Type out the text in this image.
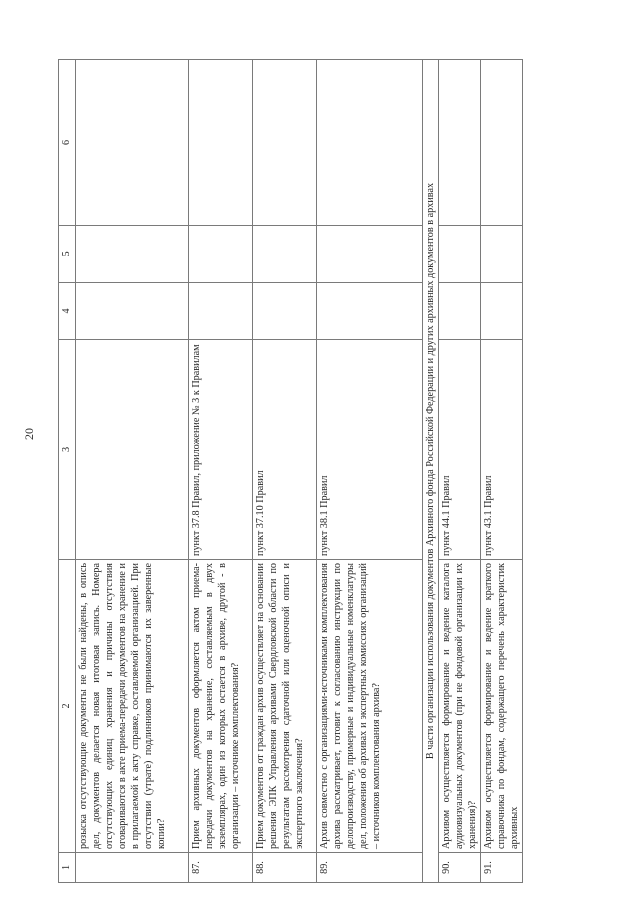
20
1	2	3	4	5	6
	розыска отсутствующие документы не были найдены, в опись дел, документов делается новая итоговая запись. Номера отсутствующих единиц хранения и причины отсутствия оговариваются в акте приема-передачи документов на хранение и в прилагаемой к акту справке, составляемой организацией. При отсутствии (утрате) подлинников принимаются их заверенные копии?				
87.	Прием архивных документов оформляется актом приема-передачи документов на хранение, составляемым в двух экземплярах, один из которых остается в архиве, другой - в организации – источнике комплектования?	пункт 37.8 Правил, приложение № 3 к Правилам			
88.	Прием документов от граждан архив осуществляет на основании решения ЭПК Управления архивами Свердловской области по результатам рассмотрения сдаточной или оценочной описи и экспертного заключения?	пункт 37.10 Правил			
89.	Архив совместно с организациями-источниками комплектования архива рассматривает, готовит к согласованию инструкции по делопроизводству, примерные и индивидуальные номенклатуры дел, положения об архивах и экспертных комиссиях организаций – источников комплектования архива?	пункт 38.1 Правил			
В части организации использования документов Архивного фонда Российской Федерации и других архивных документов в архивах					
90.	Архивом осуществляется формирование и ведение каталога аудиовизуальных документов (при не фондовой организации их хранения)?	пункт 44.1 Правил			
91.	Архивом осуществляется формирование и ведение краткого справочника по фондам, содержащего перечень характеристик архивных	пункт 43.1 Правил			
